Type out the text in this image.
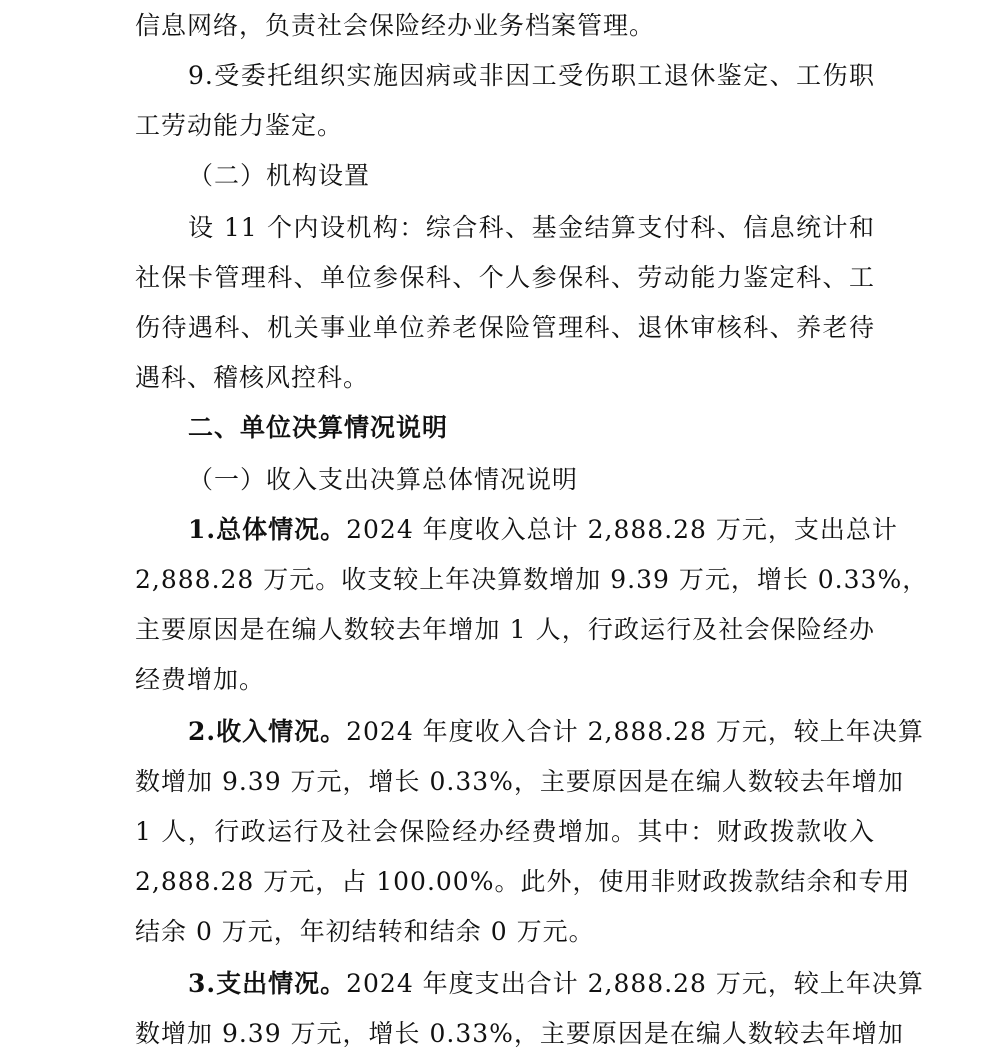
信息网络，负责社会保险经办业务档案管理。
9.受委托组织实施因病或非因工受伤职工退休鉴定、工伤职
工劳动能力鉴定。
（二）机构设置
设 11 个内设机构：综合科、基金结算支付科、信息统计和
社保卡管理科、单位参保科、个人参保科、劳动能力鉴定科、工
伤待遇科、机关事业单位养老保险管理科、退休审核科、养老待
遇科、稽核风控科。
二、单位决算情况说明
（一）收入支出决算总体情况说明
1.总体情况。2024 年度收入总计 2,888.28 万元，支出总计
2,888.28 万元。收支较上年决算数增加 9.39 万元，增长 0.33%，
主要原因是在编人数较去年增加 1 人，行政运行及社会保险经办
经费增加。
2.收入情况。2024 年度收入合计 2,888.28 万元，较上年决算
数增加 9.39 万元，增长 0.33%，主要原因是在编人数较去年增加
1 人，行政运行及社会保险经办经费增加。其中：财政拨款收入
2,888.28 万元，占 100.00%。此外，使用非财政拨款结余和专用
结余 0 万元，年初结转和结余 0 万元。
3.支出情况。2024 年度支出合计 2,888.28 万元，较上年决算
数增加 9.39 万元，增长 0.33%，主要原因是在编人数较去年增加
